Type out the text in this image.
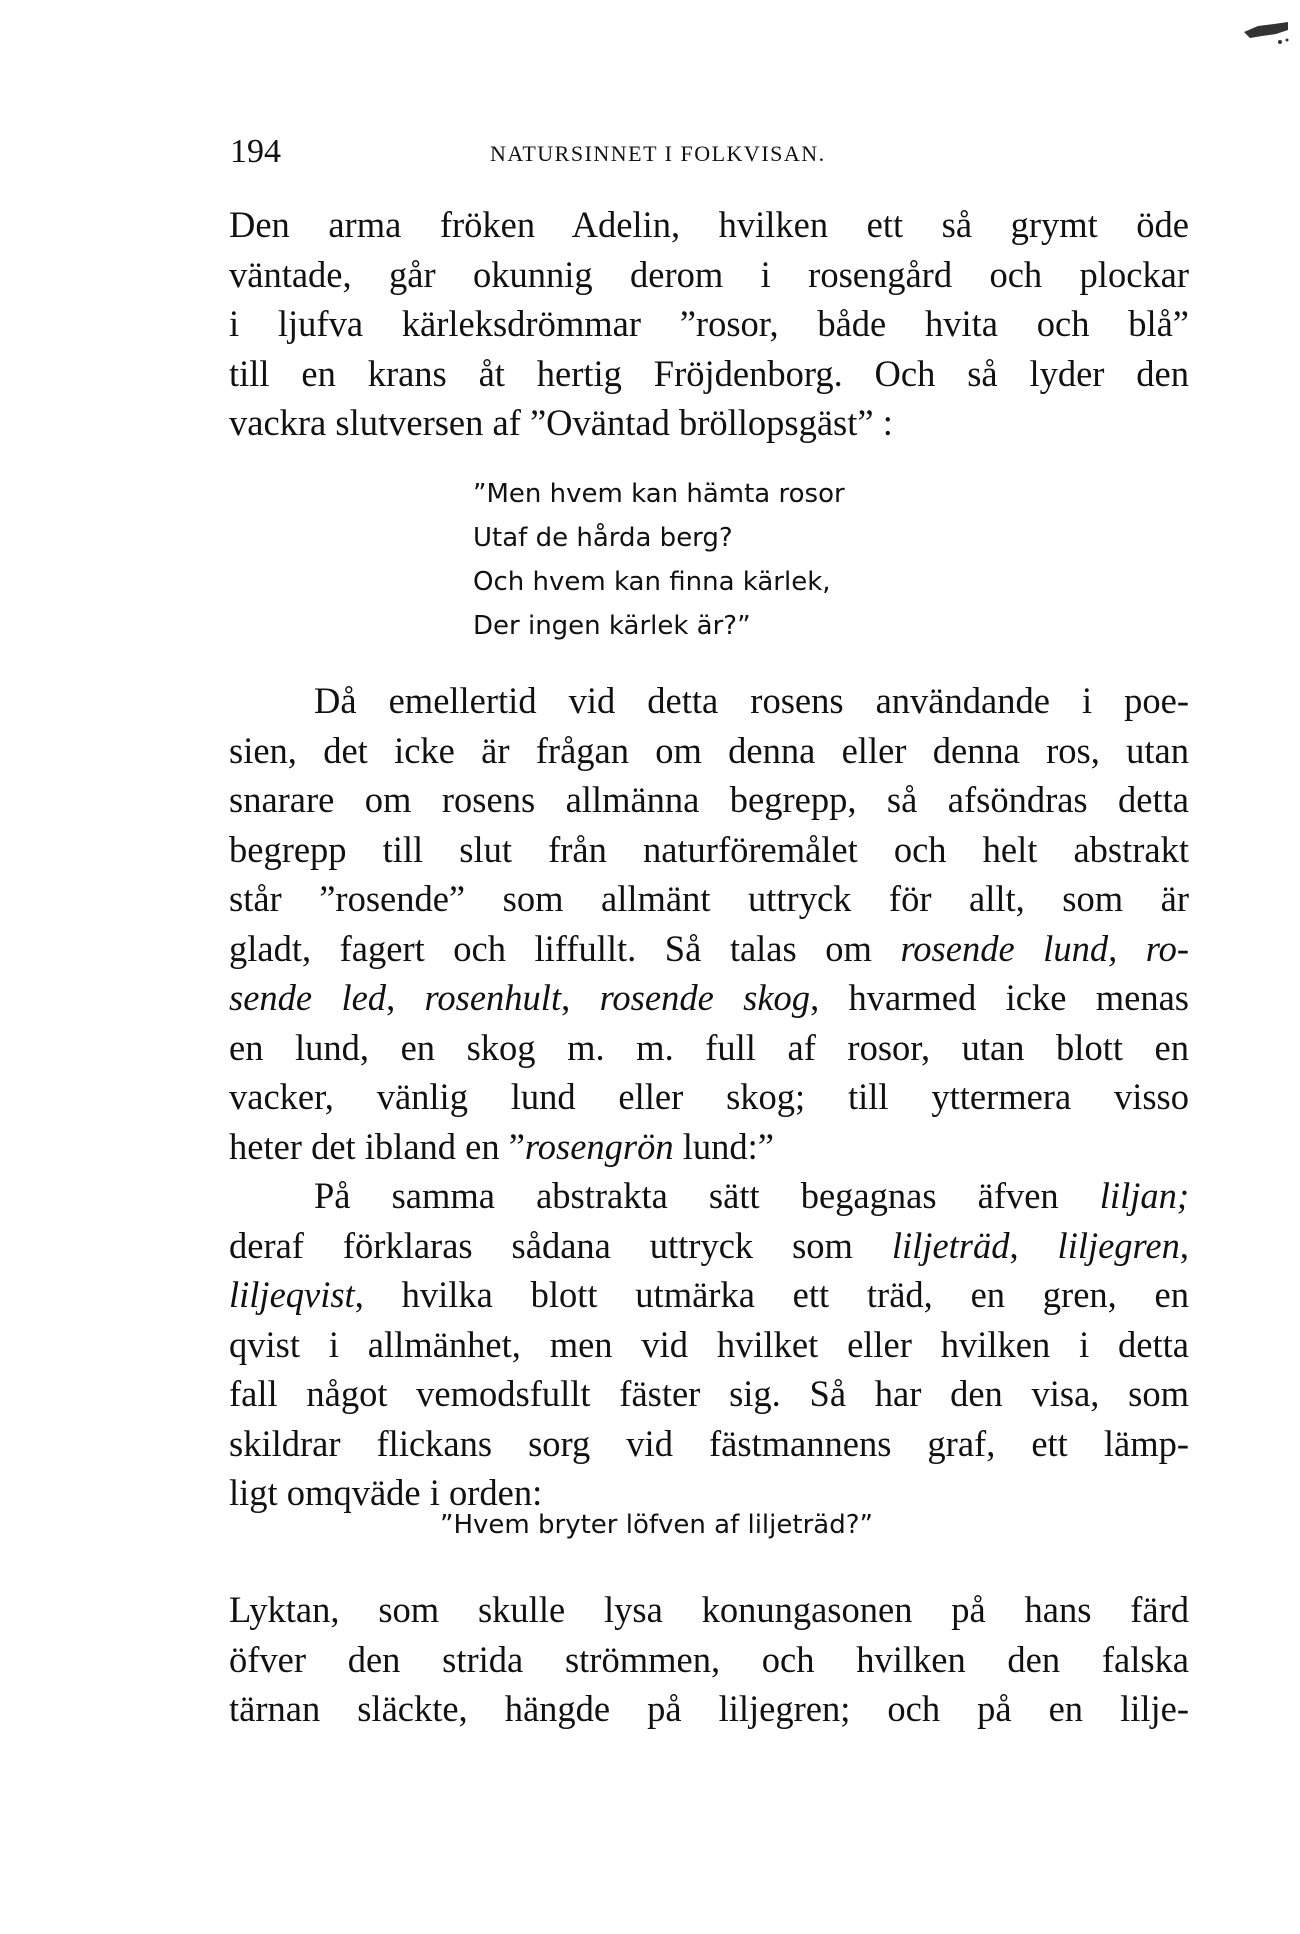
194	NATURSINNET I FOLKVISAN.
Den arma fröken Adelin, hvilken ett så grymt öde
väntade, går okunnig derom i rosengård och plockar
i ljufva kärleksdrömmar ”rosor, både hvita och blå”
till en krans åt hertig Fröjdenborg. Och så lyder den
vackra slutversen af ”Oväntad bröllopsgäst” :
”Men hvem kan hämta rosor
Utaf de hårda berg?
Och hvem kan finna kärlek,
Der ingen kärlek är?”
Då emellertid vid detta rosens användande i poe-
sien, det icke är frågan om denna eller denna ros, utan
snarare om rosens allmänna begrepp, så afsöndras detta
begrepp till slut från naturföremålet och helt abstrakt
står ”rosende” som allmänt uttryck för allt, som är
gladt, fagert och liffullt. Så talas om rosende lund, ro-
sende led, rosenhult, rosende skog, hvarmed icke menas
en lund, en skog m. m. full af rosor, utan blott en
vacker, vänlig lund eller skog; till yttermera visso
heter det ibland en ”rosengrön lund:”
På samma abstrakta sätt begagnas äfven liljan;
deraf förklaras sådana uttryck som liljeträd, liljegren,
liljeqvist, hvilka blott utmärka ett träd, en gren, en
qvist i allmänhet, men vid hvilket eller hvilken i detta
fall något vemodsfullt fäster sig. Så har den visa, som
skildrar flickans sorg vid fästmannens graf, ett lämp-
ligt omqväde i orden:
”Hvem bryter löfven af liljeträd?”
Lyktan, som skulle lysa konungasonen på hans färd
öfver den strida strömmen, och hvilken den falska
tärnan släckte, hängde på liljegren; och på en lilje-
